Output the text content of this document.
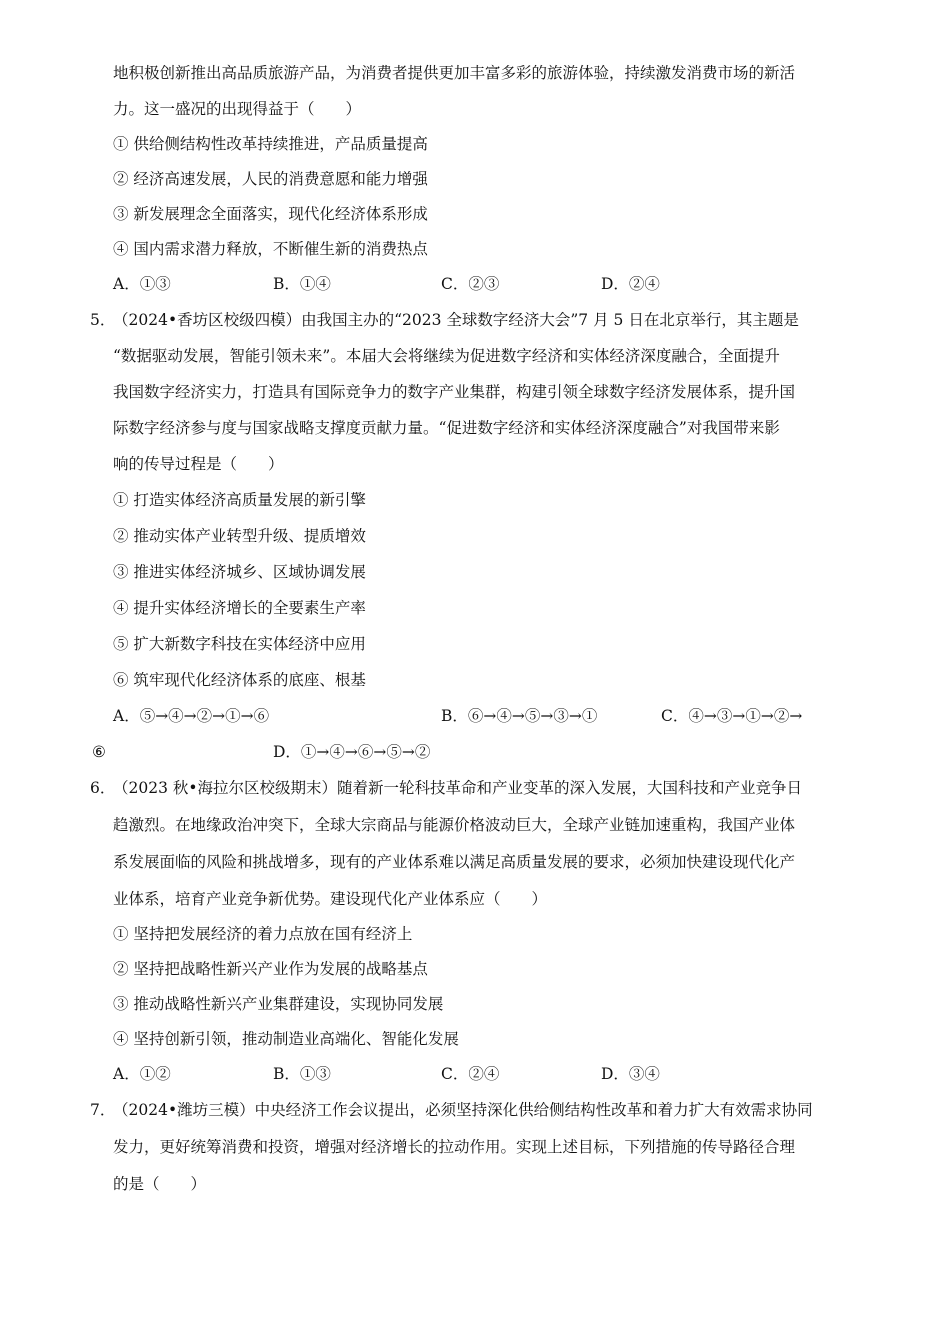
地积极创新推出高品质旅游产品，为消费者提供更加丰富多彩的旅游体验，持续激发消费市场的新活
力。这一盛况的出现得益于（　　）
① 供给侧结构性改革持续推进，产品质量提高
② 经济高速发展，人民的消费意愿和能力增强
③ 新发展理念全面落实，现代化经济体系形成
④ 国内需求潜力释放，不断催生新的消费热点
A．①③	B．①④	C．②③	D．②④
5．
（2024•香坊区校级四模）由我国主办的“2023 全球数字经济大会”7 月 5 日在北京举行，其主题是
“数据驱动发展，智能引领未来”。本届大会将继续为促进数字经济和实体经济深度融合，全面提升
我国数字经济实力，打造具有国际竞争力的数字产业集群，构建引领全球数字经济发展体系，提升国
际数字经济参与度与国家战略支撑度贡献力量。“促进数字经济和实体经济深度融合”对我国带来影
响的传导过程是（　　）
① 打造实体经济高质量发展的新引擎
② 推动实体产业转型升级、提质增效
③ 推进实体经济城乡、区域协调发展
④ 提升实体经济增长的全要素生产率
⑤ 扩大新数字科技在实体经济中应用
⑥ 筑牢现代化经济体系的底座、根基
A．⑤→④→②→①→⑥	B．⑥→④→⑤→③→①	C．④→③→①→②→
⑥	D．①→④→⑥→⑤→②
6．
（2023 秋•海拉尔区校级期末）随着新一轮科技革命和产业变革的深入发展，大国科技和产业竞争日
趋激烈。在地缘政治冲突下，全球大宗商品与能源价格波动巨大，全球产业链加速重构，我国产业体
系发展面临的风险和挑战增多，现有的产业体系难以满足高质量发展的要求，必须加快建设现代化产
业体系，培育产业竞争新优势。建设现代化产业体系应（　　）
① 坚持把发展经济的着力点放在国有经济上
② 坚持把战略性新兴产业作为发展的战略基点
③ 推动战略性新兴产业集群建设，实现协同发展
④ 坚持创新引领，推动制造业高端化、智能化发展
A．①②	B．①③	C．②④	D．③④
7．
（2024•潍坊三模）中央经济工作会议提出，必须坚持深化供给侧结构性改革和着力扩大有效需求协同
发力，更好统筹消费和投资，增强对经济增长的拉动作用。实现上述目标，下列措施的传导路径合理
的是（　　）
